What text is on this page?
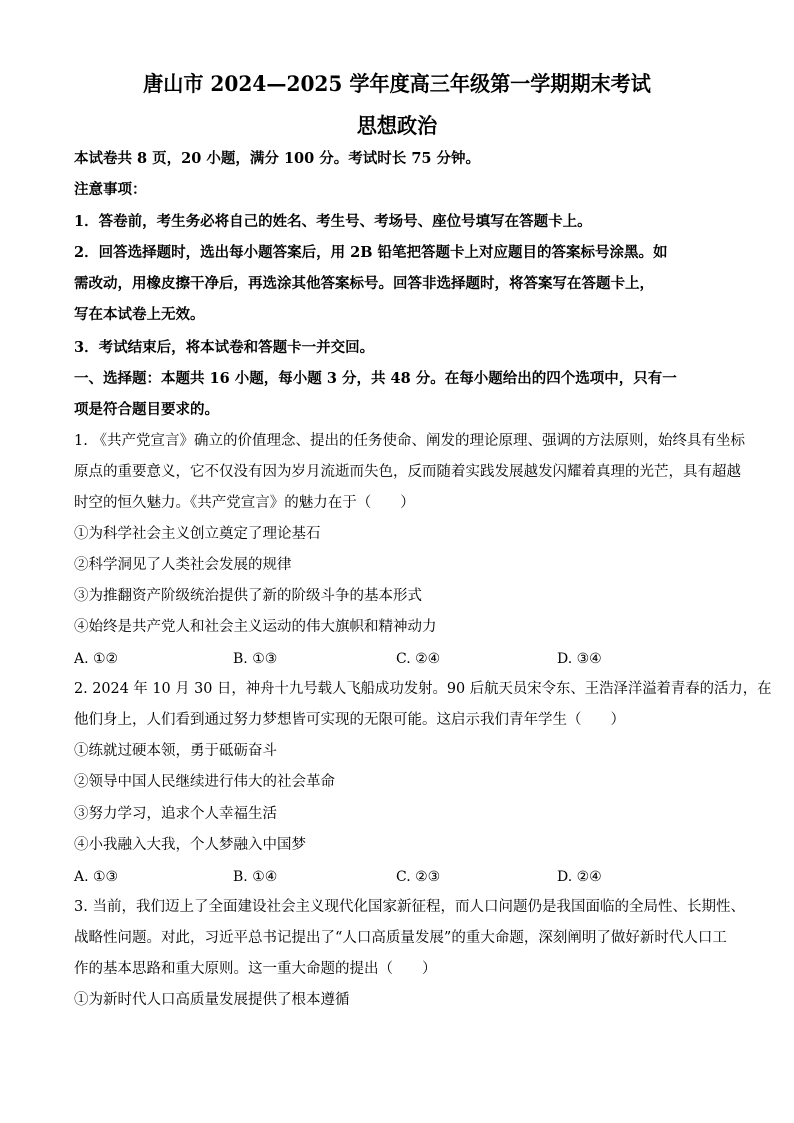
唐山市 2024—2025 学年度高三年级第一学期期末考试
思想政治
本试卷共 8 页，20 小题，满分 100 分。考试时长 75 分钟。
注意事项：
1．答卷前，考生务必将自己的姓名、考生号、考场号、座位号填写在答题卡上。
2．回答选择题时，选出每小题答案后，用 2B 铅笔把答题卡上对应题目的答案标号涂黑。如
需改动，用橡皮擦干净后，再选涂其他答案标号。回答非选择题时，将答案写在答题卡上，
写在本试卷上无效。
3．考试结束后，将本试卷和答题卡一并交回。
一、选择题：本题共 16 小题，每小题 3 分，共 48 分。在每小题给出的四个选项中，只有一
项是符合题目要求的。
1. 《共产党宣言》确立的价值理念、提出的任务使命、阐发的理论原理、强调的方法原则，始终具有坐标
原点的重要意义，它不仅没有因为岁月流逝而失色，反而随着实践发展越发闪耀着真理的光芒，具有超越
时空的恒久魅力。《共产党宣言》的魅力在于（　　）
①为科学社会主义创立奠定了理论基石
②科学洞见了人类社会发展的规律
③为推翻资产阶级统治提供了新的阶级斗争的基本形式
④始终是共产党人和社会主义运动的伟大旗帜和精神动力
A. ①②	B. ①③	C. ②④	D. ③④
2. 2024 年 10 月 30 日，神舟十九号载人飞船成功发射。90 后航天员宋令东、王浩泽洋溢着青春的活力，在
他们身上，人们看到通过努力梦想皆可实现的无限可能。这启示我们青年学生（　　）
①练就过硬本领，勇于砥砺奋斗
②领导中国人民继续进行伟大的社会革命
③努力学习，追求个人幸福生活
④小我融入大我，个人梦融入中国梦
A. ①③	B. ①④	C. ②③	D. ②④
3. 当前，我们迈上了全面建设社会主义现代化国家新征程，而人口问题仍是我国面临的全局性、长期性、
战略性问题。对此，习近平总书记提出了“人口高质量发展”的重大命题，深刻阐明了做好新时代人口工
作的基本思路和重大原则。这一重大命题的提出（　　）
①为新时代人口高质量发展提供了根本遵循
